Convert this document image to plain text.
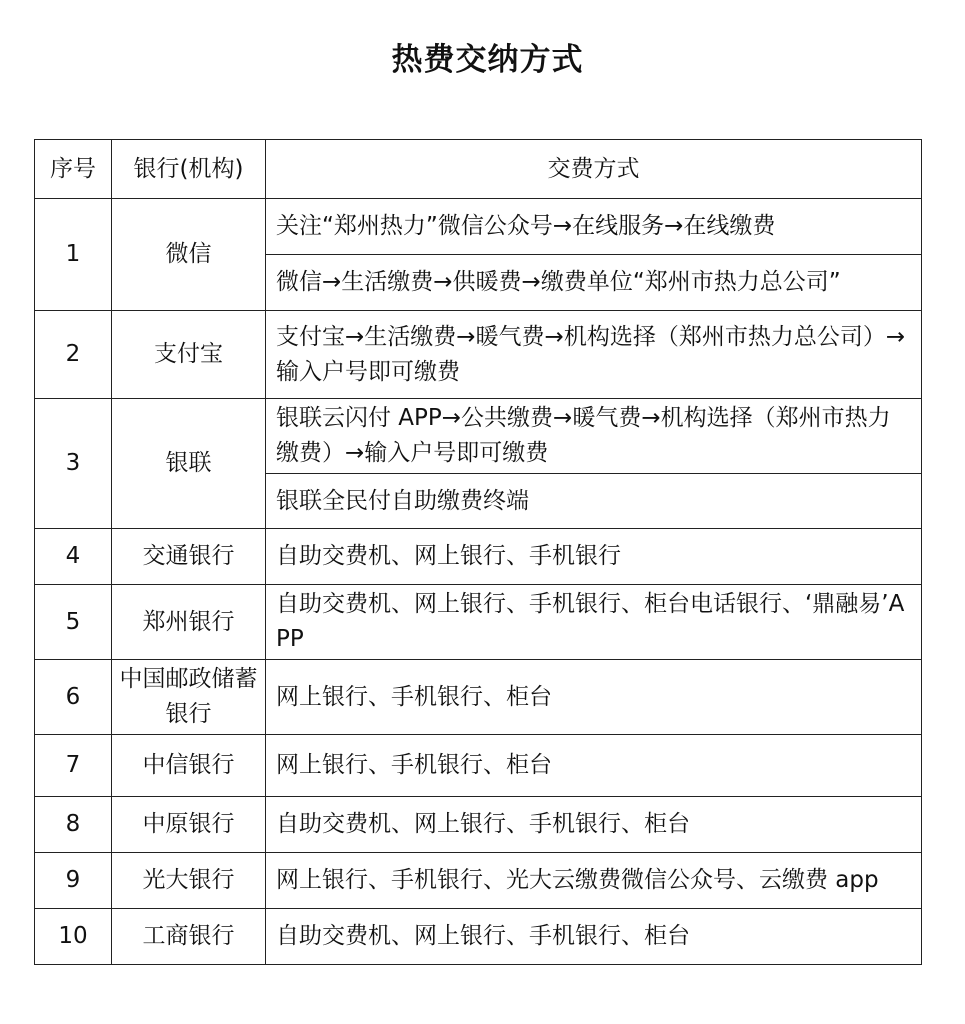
热费交纳方式
序号	银行(机构)	交费方式
1	微信	关注“郑州热力”微信公众号→在线服务→在线缴费
		微信→生活缴费→供暖费→缴费单位“郑州市热力总公司”
2	支付宝	支付宝→生活缴费→暖气费→机构选择（郑州市热力总公司）→输入户号即可缴费
3	银联	银联云闪付 APP→公共缴费→暖气费→机构选择（郑州市热力缴费）→输入户号即可缴费
		银联全民付自助缴费终端
4	交通银行	自助交费机、网上银行、手机银行
5	郑州银行	自助交费机、网上银行、手机银行、柜台电话银行、‘鼎融易’APP
6	中国邮政储蓄银行	网上银行、手机银行、柜台
7	中信银行	网上银行、手机银行、柜台
8	中原银行	自助交费机、网上银行、手机银行、柜台
9	光大银行	网上银行、手机银行、光大云缴费微信公众号、云缴费 app
10	工商银行	自助交费机、网上银行、手机银行、柜台
